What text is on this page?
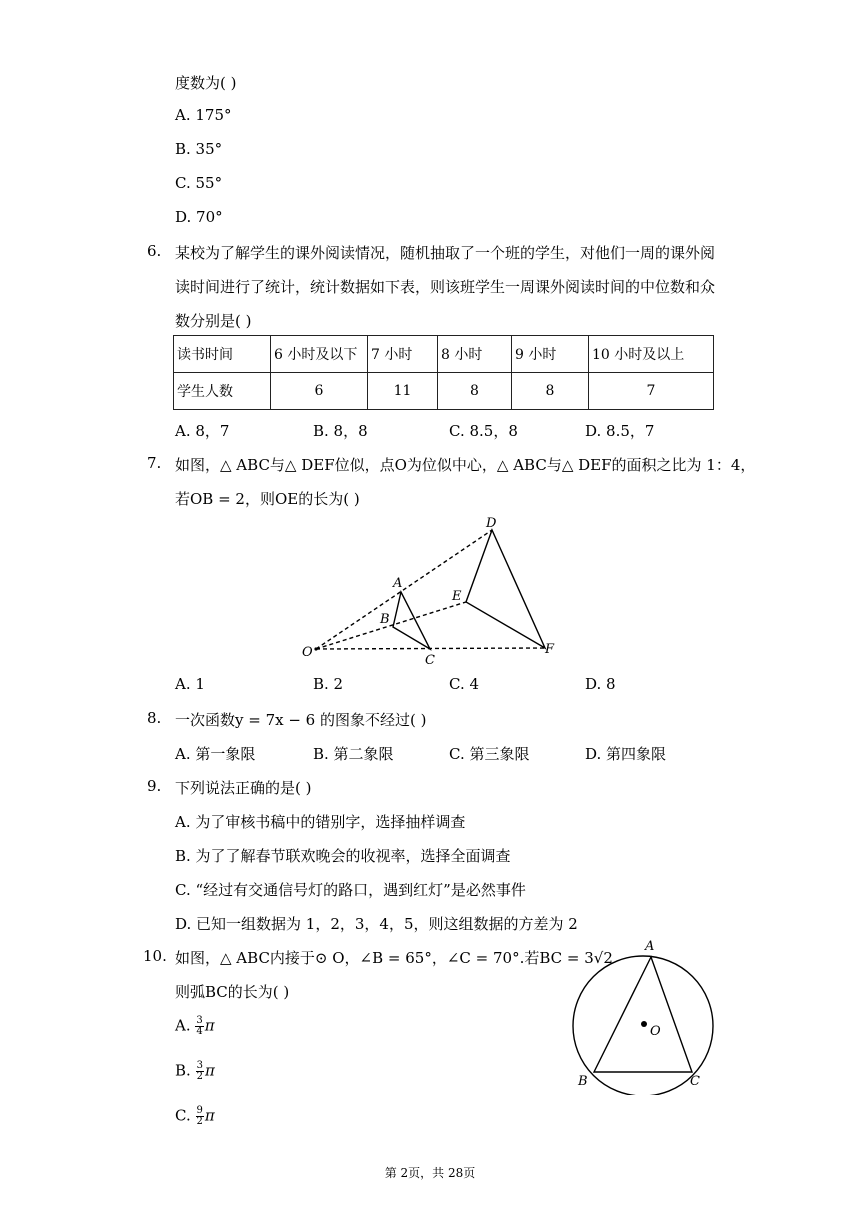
度数为( )
A. 175°
B. 35°
C. 55°
D. 70°
6. 某校为了解学生的课外阅读情况，随机抽取了一个班的学生，对他们一周的课外阅
读时间进行了统计，统计数据如下表，则该班学生一周课外阅读时间的中位数和众
数分别是( )
读书时间	6 小时及以下	7 小时	8 小时	9 小时	10 小时及以上
学生人数	6	11	8	8	7
A. 8，7	B. 8，8	C. 8.5，8	D. 8.5，7
7. 如图，△ ABC与△ DEF位似，点O为位似中心，△ ABC与△ DEF的面积之比为 1：4，
若OB = 2，则OE的长为( )
D
A
E
B
O
C
F
A. 1	B. 2	C. 4	D. 8
8. 一次函数y = 7x − 6 的图象不经过( )
A. 第一象限	B. 第二象限	C. 第三象限	D. 第四象限
9. 下列说法正确的是( )
A. 为了审核书稿中的错别字，选择抽样调查
B. 为了了解春节联欢晚会的收视率，选择全面调查
C. “经过有交通信号灯的路口，遇到红灯”是必然事件
D. 已知一组数据为 1，2，3，4，5，则这组数据的方差为 2
10. 如图，△ ABC内接于⊙ O，∠B = 65°，∠C = 70°.若BC = 3√2
则弧BC的长为( )
A. $\frac{3}{4}$ π
B. $\frac{3}{2}$ π
C. $\frac{9}{2}$ π
A
O
B	C
第 2页，共 28页
